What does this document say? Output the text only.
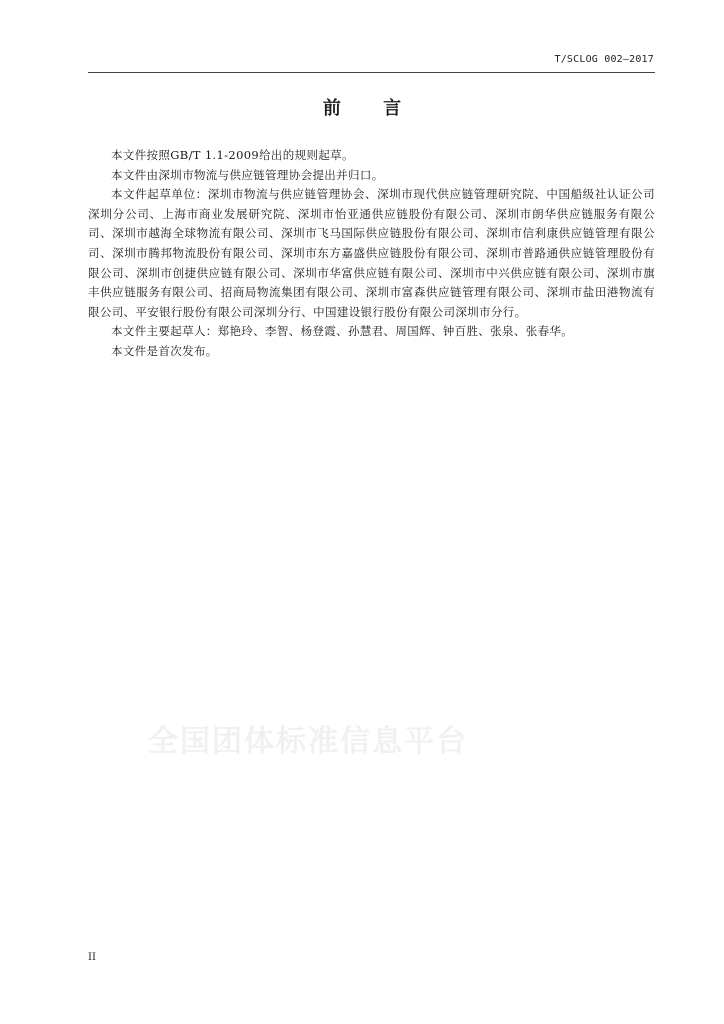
T/SCLOG 002—2017
前 言

本文件按照GB/T 1.1-2009给出的规则起草。

本文件由深圳市物流与供应链管理协会提出并归口。

本文件起草单位：深圳市物流与供应链管理协会、深圳市现代供应链管理研究院、中国船级社认证公司深圳分公司、上海市商业发展研究院、深圳市怡亚通供应链股份有限公司、深圳市朗华供应链服务有限公司、深圳市越海全球物流有限公司、深圳市飞马国际供应链股份有限公司、深圳市信利康供应链管理有限公司、深圳市腾邦物流股份有限公司、深圳市东方嘉盛供应链股份有限公司、深圳市普路通供应链管理股份有限公司、深圳市创捷供应链有限公司、深圳市华富供应链有限公司、深圳市中兴供应链有限公司、深圳市旗丰供应链服务有限公司、招商局物流集团有限公司、深圳市富森供应链管理有限公司、深圳市盐田港物流有限公司、平安银行股份有限公司深圳分行、中国建设银行股份有限公司深圳市分行。

本文件主要起草人：郑艳玲、李智、杨登霞、孙慧君、周国辉、钟百胜、张泉、张春华。

本文件是首次发布。

全国团体标准信息平台
II
